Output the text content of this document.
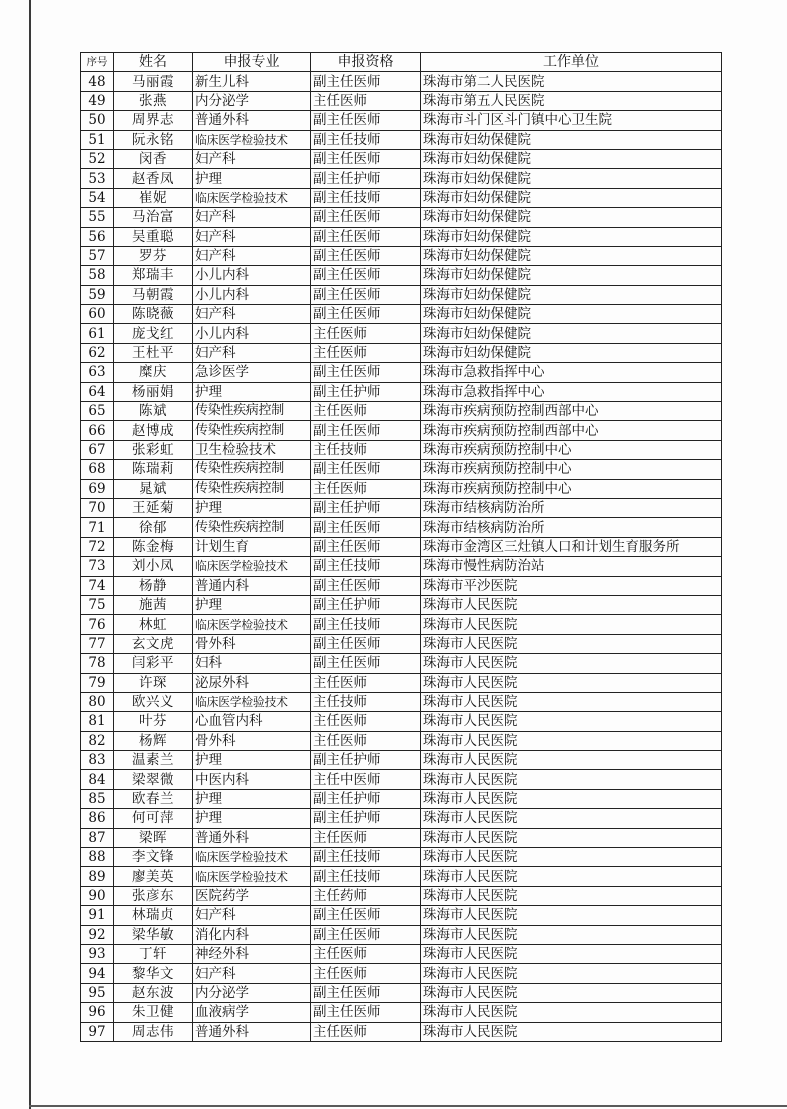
序号	姓名	申报专业	申报资格	工作单位
48	马丽霞	新生儿科	副主任医师	珠海市第二人民医院
49	张燕	内分泌学	主任医师	珠海市第五人民医院
50	周界志	普通外科	副主任医师	珠海市斗门区斗门镇中心卫生院
51	阮永铭	临床医学检验技术	副主任技师	珠海市妇幼保健院
52	闵香	妇产科	副主任医师	珠海市妇幼保健院
53	赵香凤	护理	副主任护师	珠海市妇幼保健院
54	崔妮	临床医学检验技术	副主任技师	珠海市妇幼保健院
55	马治富	妇产科	副主任医师	珠海市妇幼保健院
56	吴重聪	妇产科	副主任医师	珠海市妇幼保健院
57	罗芬	妇产科	副主任医师	珠海市妇幼保健院
58	郑瑞丰	小儿内科	副主任医师	珠海市妇幼保健院
59	马朝霞	小儿内科	副主任医师	珠海市妇幼保健院
60	陈晓薇	妇产科	副主任医师	珠海市妇幼保健院
61	庞戈红	小儿内科	主任医师	珠海市妇幼保健院
62	王杜平	妇产科	主任医师	珠海市妇幼保健院
63	糜庆	急诊医学	副主任医师	珠海市急救指挥中心
64	杨丽娟	护理	副主任护师	珠海市急救指挥中心
65	陈斌	传染性疾病控制	主任医师	珠海市疾病预防控制西部中心
66	赵博成	传染性疾病控制	副主任医师	珠海市疾病预防控制西部中心
67	张彩虹	卫生检验技术	主任技师	珠海市疾病预防控制中心
68	陈瑞莉	传染性疾病控制	副主任医师	珠海市疾病预防控制中心
69	晁斌	传染性疾病控制	主任医师	珠海市疾病预防控制中心
70	王延菊	护理	副主任护师	珠海市结核病防治所
71	徐郁	传染性疾病控制	副主任医师	珠海市结核病防治所
72	陈金梅	计划生育	副主任医师	珠海市金湾区三灶镇人口和计划生育服务所
73	刘小凤	临床医学检验技术	副主任技师	珠海市慢性病防治站
74	杨静	普通内科	副主任医师	珠海市平沙医院
75	施茜	护理	副主任护师	珠海市人民医院
76	林虹	临床医学检验技术	副主任技师	珠海市人民医院
77	玄文虎	骨外科	副主任医师	珠海市人民医院
78	闫彩平	妇科	副主任医师	珠海市人民医院
79	许琛	泌尿外科	主任医师	珠海市人民医院
80	欧兴义	临床医学检验技术	主任技师	珠海市人民医院
81	叶芬	心血管内科	主任医师	珠海市人民医院
82	杨辉	骨外科	主任医师	珠海市人民医院
83	温素兰	护理	副主任护师	珠海市人民医院
84	梁翠微	中医内科	主任中医师	珠海市人民医院
85	欧春兰	护理	副主任护师	珠海市人民医院
86	何可萍	护理	副主任护师	珠海市人民医院
87	梁晖	普通外科	主任医师	珠海市人民医院
88	李文锋	临床医学检验技术	副主任技师	珠海市人民医院
89	廖美英	临床医学检验技术	副主任技师	珠海市人民医院
90	张彦东	医院药学	主任药师	珠海市人民医院
91	林瑞贞	妇产科	副主任医师	珠海市人民医院
92	梁华敏	消化内科	副主任医师	珠海市人民医院
93	丁轩	神经外科	主任医师	珠海市人民医院
94	黎华文	妇产科	主任医师	珠海市人民医院
95	赵东波	内分泌学	副主任医师	珠海市人民医院
96	朱卫健	血液病学	副主任医师	珠海市人民医院
97	周志伟	普通外科	主任医师	珠海市人民医院
